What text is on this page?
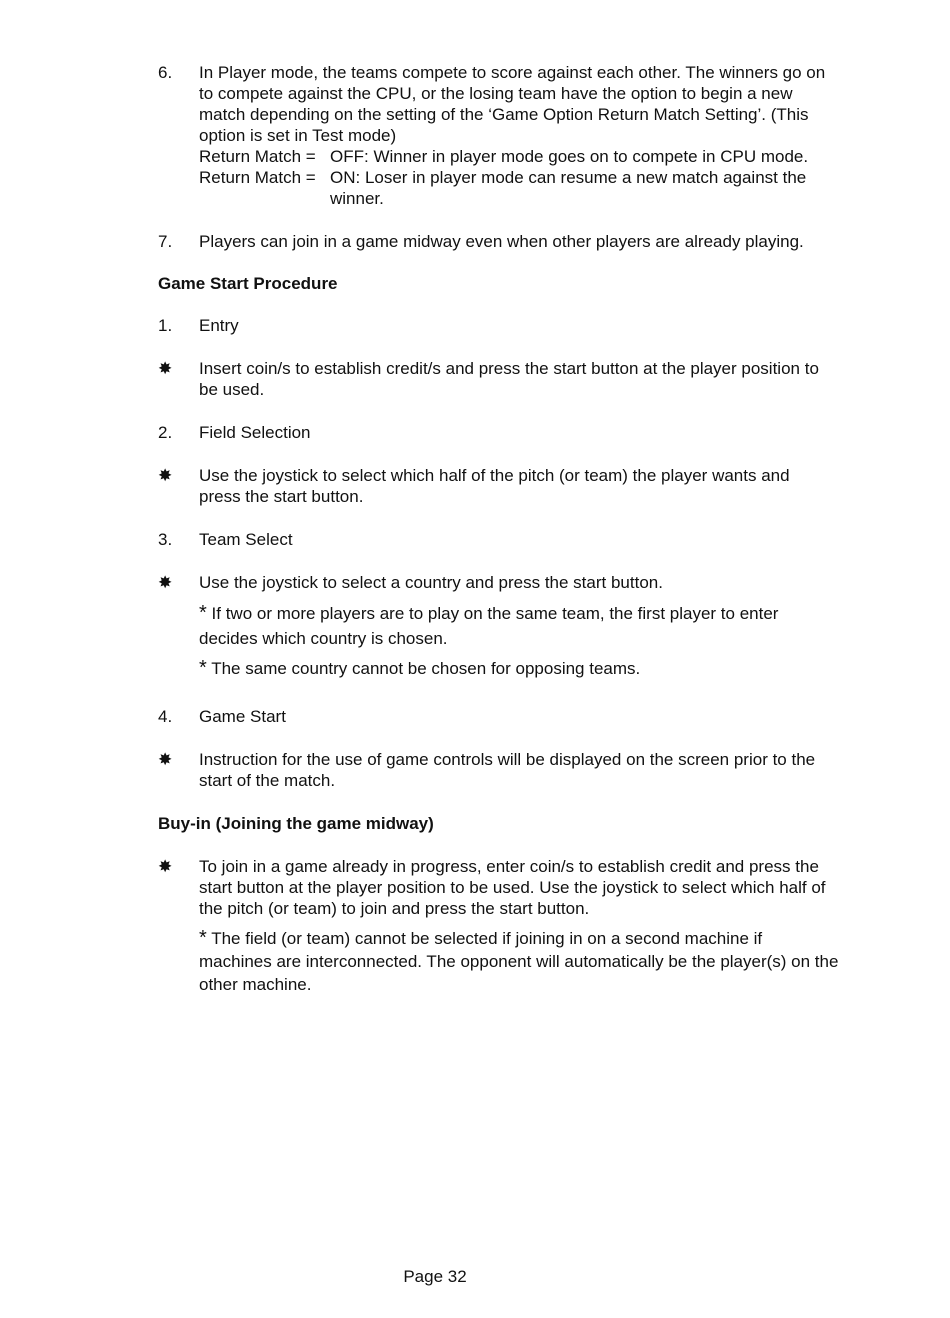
6. In Player mode, the teams compete to score against each other. The winners go on to compete against the CPU, or the losing team have the option to begin a new match depending on the setting of the ‘Game Option Return Match Setting’. (This option is set in Test mode)
Return Match = OFF: Winner in player mode goes on to compete in CPU mode.
Return Match = ON: Loser in player mode can resume a new match against the winner.
7. Players can join in a game midway even when other players are already playing.
Game Start Procedure
1. Entry
✸ Insert coin/s to establish credit/s and press the start button at the player position to be used.
2. Field Selection
✸ Use the joystick to select which half of the pitch (or team) the player wants and press the start button.
3. Team Select
✸ Use the joystick to select a country and press the start button.
* If two or more players are to play on the same team, the first player to enter decides which country is chosen.
* The same country cannot be chosen for opposing teams.
4. Game Start
✸ Instruction for the use of game controls will be displayed on the screen prior to the start of the match.
Buy-in (Joining the game midway)
✸ To join in a game already in progress, enter coin/s to establish credit and press the start button at the player position to be used. Use the joystick to select which half of the pitch (or team) to join and press the start button.
* The field (or team) cannot be selected if joining in on a second machine if machines are interconnected. The opponent will automatically be the player(s) on the other machine.
Page 32
